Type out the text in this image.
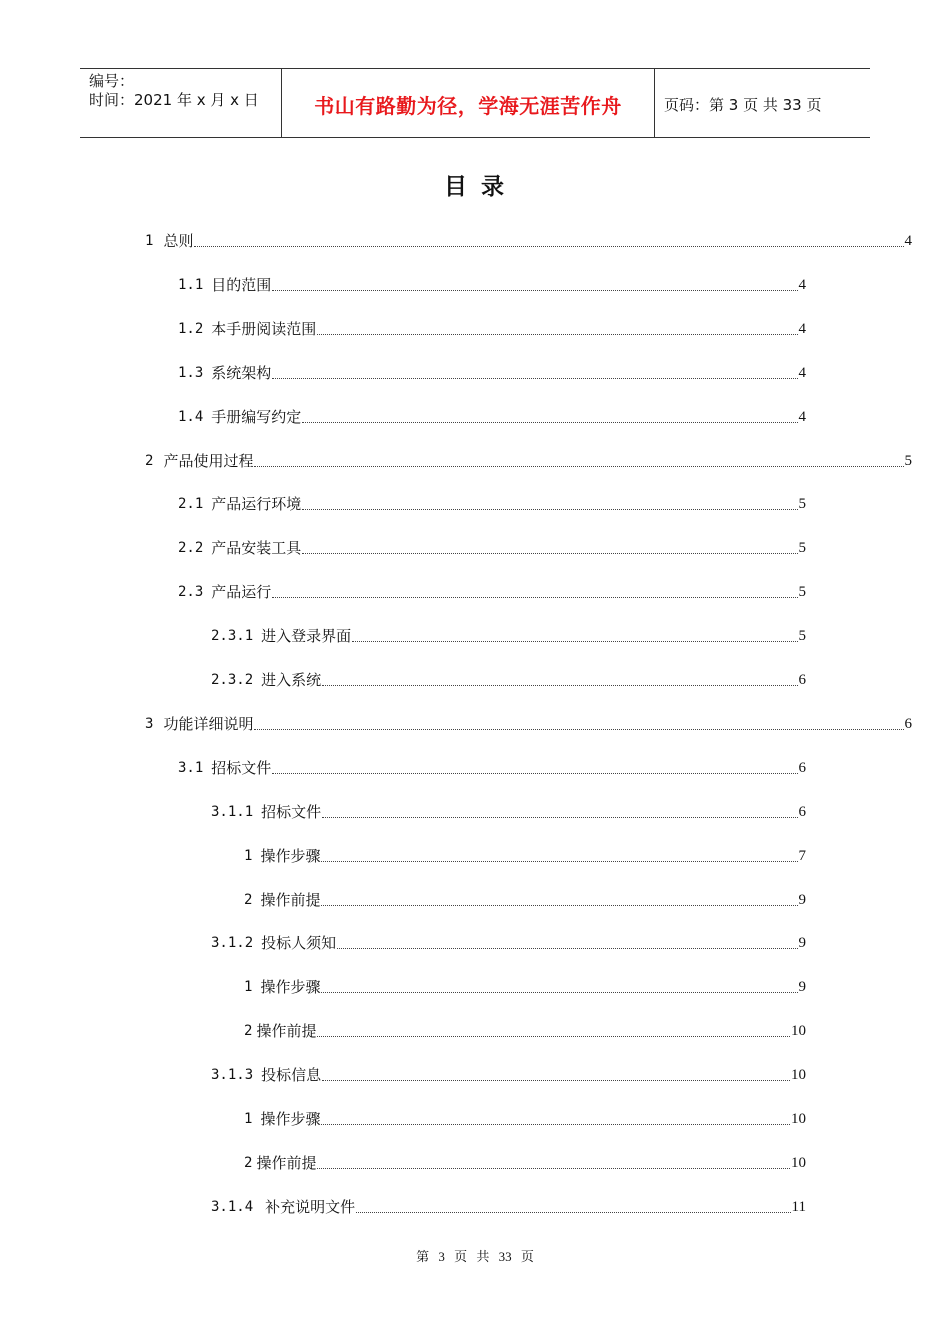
编号：
时间：2021 年 x 月 x 日	书山有路勤为径，学海无涯苦作舟	页码：第 3 页 共 33 页
目录
1 总则	4
1.1 目的范围	4
1.2 本手册阅读范围	4
1.3 系统架构	4
1.4 手册编写约定	4
2 产品使用过程	5
2.1 产品运行环境	5
2.2 产品安装工具	5
2.3 产品运行	5
2.3.1 进入登录界面	5
2.3.2 进入系统	6
3 功能详细说明	6
3.1 招标文件	6
3.1.1 招标文件	6
1 操作步骤	7
2 操作前提	9
3.1.2 投标人须知	9
1 操作步骤	9
2 操作前提	10
3.1.3 投标信息	10
1 操作步骤	10
2 操作前提	10
3.1.4 补充说明文件	11
第 3 页 共 33 页
